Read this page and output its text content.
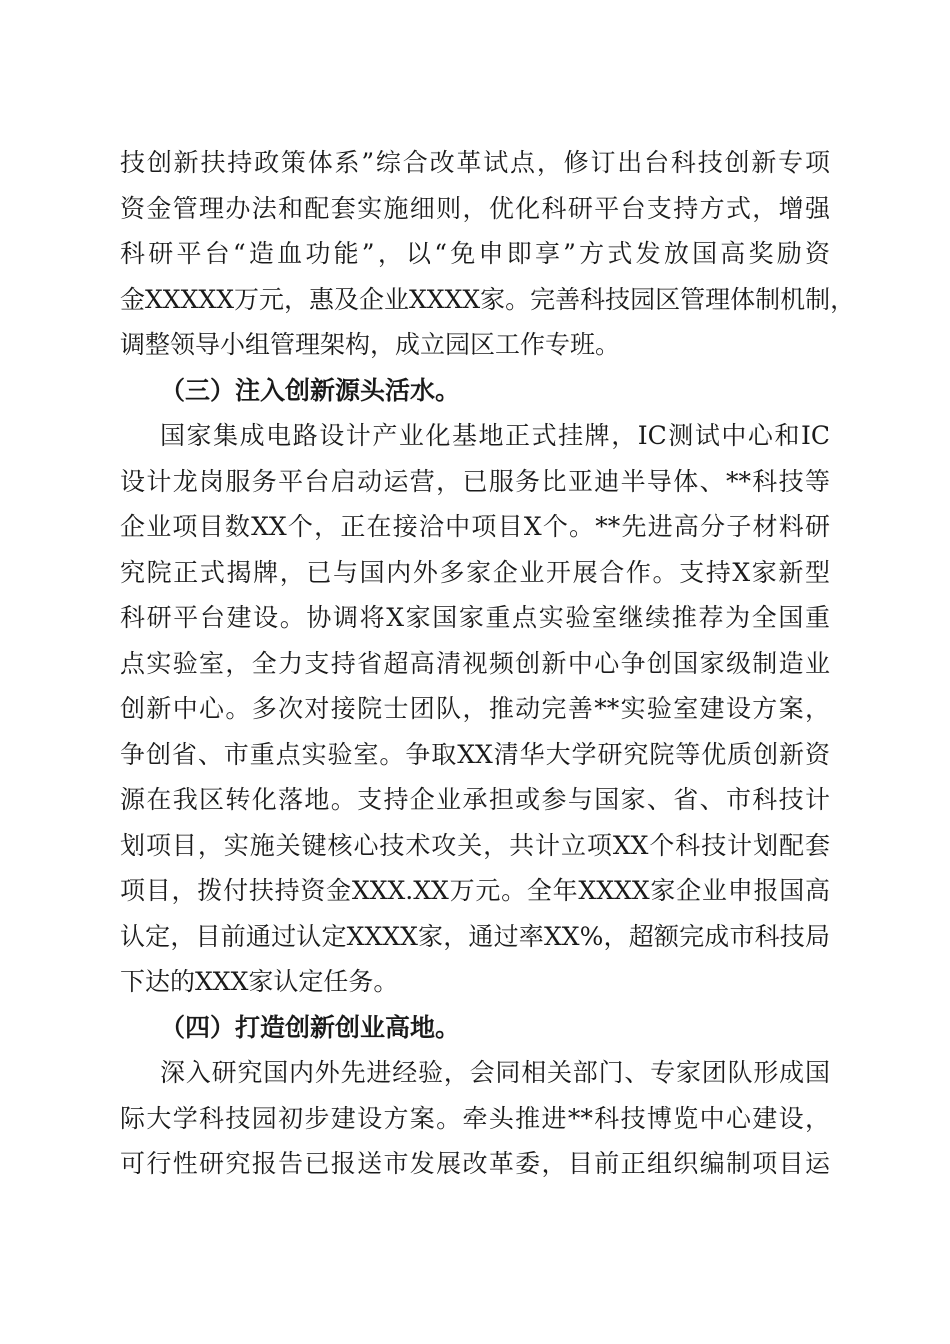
技创新扶持政策体系”综合改革试点，修订出台科技创新专项
资金管理办法和配套实施细则，优化科研平台支持方式，增强
科研平台“造血功能”，以“免申即享”方式发放国高奖励资
金XXXXX万元，惠及企业XXXX家。完善科技园区管理体制机制，
调整领导小组管理架构，成立园区工作专班。
（三）注入创新源头活水。
国家集成电路设计产业化基地正式挂牌，IC测试中心和IC
设计龙岗服务平台启动运营，已服务比亚迪半导体、**科技等
企业项目数XX个，正在接洽中项目X个。**先进高分子材料研
究院正式揭牌，已与国内外多家企业开展合作。支持X家新型
科研平台建设。协调将X家国家重点实验室继续推荐为全国重
点实验室，全力支持省超高清视频创新中心争创国家级制造业
创新中心。多次对接院士团队，推动完善**实验室建设方案，
争创省、市重点实验室。争取XX清华大学研究院等优质创新资
源在我区转化落地。支持企业承担或参与国家、省、市科技计
划项目，实施关键核心技术攻关，共计立项XX个科技计划配套
项目，拨付扶持资金XXX.XX万元。全年XXXX家企业申报国高
认定，目前通过认定XXXX家，通过率XX%，超额完成市科技局
下达的XXX家认定任务。
（四）打造创新创业高地。
深入研究国内外先进经验，会同相关部门、专家团队形成国
际大学科技园初步建设方案。牵头推进**科技博览中心建设，
可行性研究报告已报送市发展改革委，目前正组织编制项目运
